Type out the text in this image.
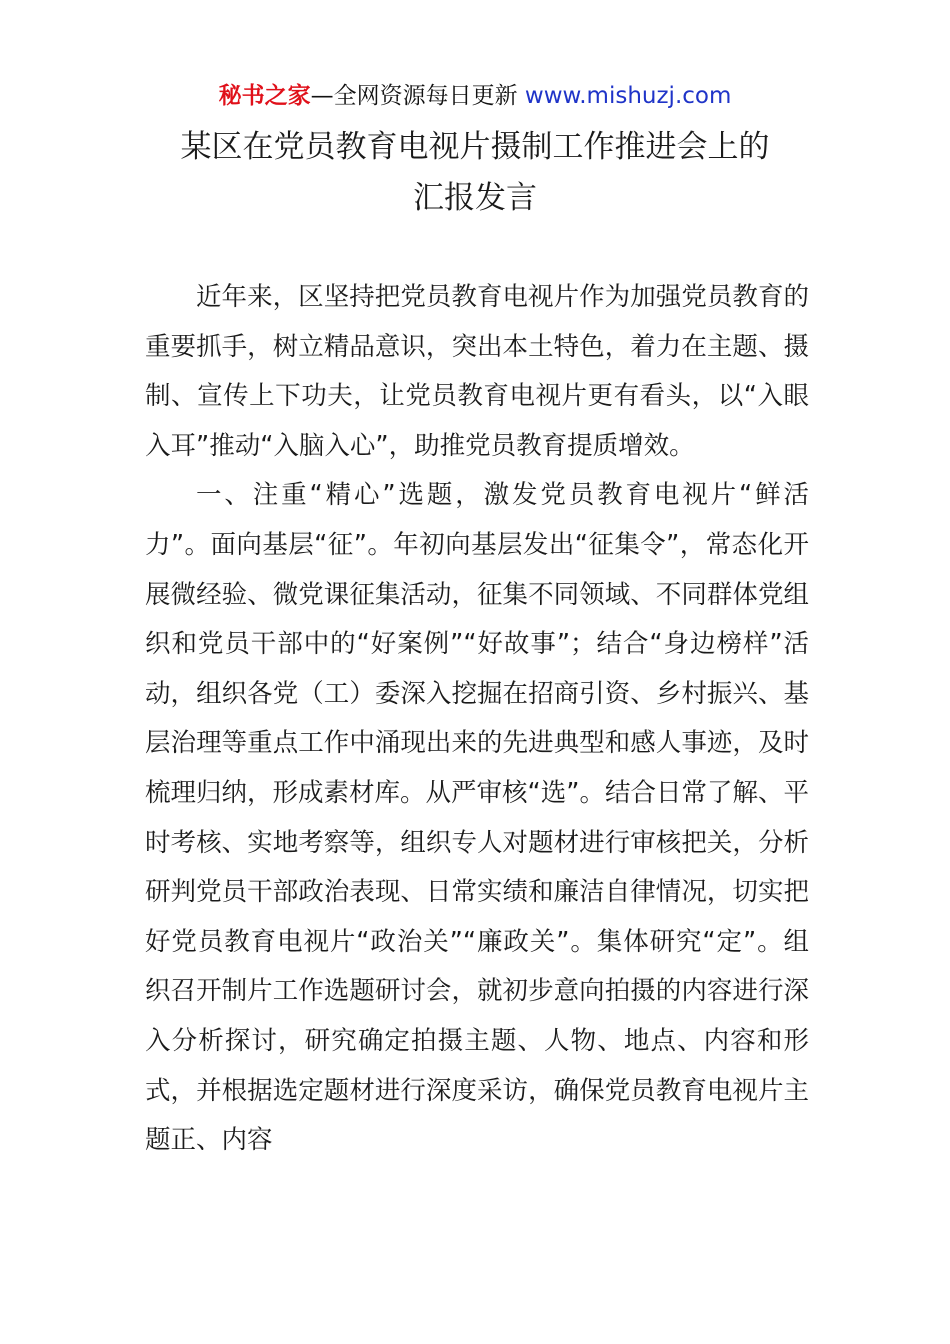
秘书之家—全网资源每日更新 www.mishuzj.com
某区在党员教育电视片摄制工作推进会上的
汇报发言

近年来，区坚持把党员教育电视片作为加强党员教育的重要抓手，树立精品意识，突出本土特色，着力在主题、摄制、宣传上下功夫，让党员教育电视片更有看头，以“入眼入耳”推动“入脑入心”，助推党员教育提质增效。

一、注重“精心”选题，激发党员教育电视片“鲜活力”。面向基层“征”。年初向基层发出“征集令”，常态化开展微经验、微党课征集活动，征集不同领域、不同群体党组织和党员干部中的“好案例”“好故事”；结合“身边榜样”活动，组织各党（工）委深入挖掘在招商引资、乡村振兴、基层治理等重点工作中涌现出来的先进典型和感人事迹，及时梳理归纳，形成素材库。从严审核“选”。结合日常了解、平时考核、实地考察等，组织专人对题材进行审核把关，分析研判党员干部政治表现、日常实绩和廉洁自律情况，切实把好党员教育电视片“政治关”“廉政关”。集体研究“定”。组织召开制片工作选题研讨会，就初步意向拍摄的内容进行深入分析探讨，研究确定拍摄主题、人物、地点、内容和形式，并根据选定题材进行深度采访，确保党员教育电视片主题正、内容
